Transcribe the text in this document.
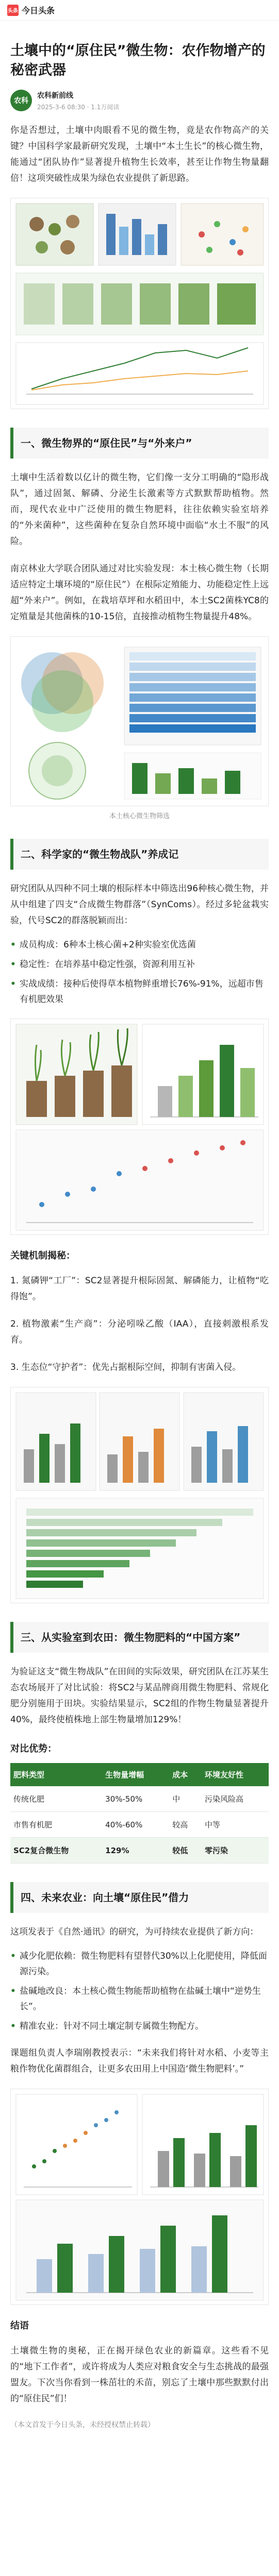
头条 今日头条
土壤中的“原住民”微生物：农作物增产的秘密武器
农科
农科新前线
2025-3-6 08:30 · 1.1万阅读

你是否想过，土壤中肉眼看不见的微生物，竟是农作物高产的关键？中国科学家最新研究发现，土壤中“本土生长”的核心微生物，能通过“团队协作”显著提升植物生长效率，甚至让作物生物量翻倍！这项突破性成果为绿色农业提供了新思路。

一、微生物界的“原住民”与“外来户”

土壤中生活着数以亿计的微生物，它们像一支分工明确的“隐形战队”，通过固氮、解磷、分泌生长激素等方式默默帮助植物。然而，现代农业中广泛使用的微生物肥料，往往依赖实验室培养的“外来菌种”，这些菌种在复杂自然环境中面临“水土不服”的风险。

南京林业大学联合团队通过对比实验发现：本土核心微生物（长期适应特定土壤环境的“原住民”）在根际定殖能力、功能稳定性上远超“外来户”。例如，在栽培草坪和水稻田中，本土SC2菌株YC8的定殖量是其他菌株的10-15倍，直接推动植物生物量提升48%。

本土核心微生物筛选
二、科学家的“微生物战队”养成记

研究团队从四种不同土壤的根际样本中筛选出96种核心微生物，并从中组建了四支“合成微生物群落”（SynComs）。经过多轮盆栽实验，代号SC2的群落脱颖而出：

• 成员构成：6种本土核心菌+2种实验室优选菌
• 稳定性：在培养基中稳定性强，资源利用互补
• 实战成绩：接种后使得草本植物鲜重增长76%-91%，远超市售有机肥效果
关键机制揭秘：

1. 氮磷钾“工厂”：SC2显著提升根际固氮、解磷能力，让植物“吃得饱”。

2. 植物激素“生产商”：分泌吲哚乙酸（IAA），直接刺激根系发育。

3. 生态位“守护者”：优先占据根际空间，抑制有害菌入侵。

三、从实验室到农田：微生物肥料的“中国方案”

为验证这支“微生物战队”在田间的实际效果，研究团队在江苏某生态农场展开了对比试验：将SC2与某品牌商用微生物肥料、常规化肥分别施用于田块。实验结果显示，SC2组的作物生物量显著提升40%，最终使植株地上部生物量增加129%！

对比优势：
肥料类型	生物量增幅	成本	环境友好性
传统化肥	30%-50%	中	污染风险高
市售有机肥	40%-60%	较高	中等
SC2复合微生物	129%	较低	零污染
四、未来农业：向土壤“原住民”借力

这项发表于《自然·通讯》的研究，为可持续农业提供了新方向：

• 减少化肥依赖：微生物肥料有望替代30%以上化肥使用，降低面源污染。
• 盐碱地改良：本土核心微生物能帮助植物在盐碱土壤中“逆势生长”。
• 精准农业：针对不同土壤定制专属微生物配方。

课题组负责人李瑞刚教授表示：“未来我们将针对水稻、小麦等主粮作物优化菌群组合，让更多农田用上中国造‘微生物肥料’。”

结语

土壤微生物的奥秘，正在揭开绿色农业的新篇章。这些看不见的“地下工作者”，或许将成为人类应对粮食安全与生态挑战的最强盟友。下次当你看到一株茁壮的禾苗，别忘了土壤中那些默默付出的“原住民”们！

（本文首发于今日头条，未经授权禁止转载）
